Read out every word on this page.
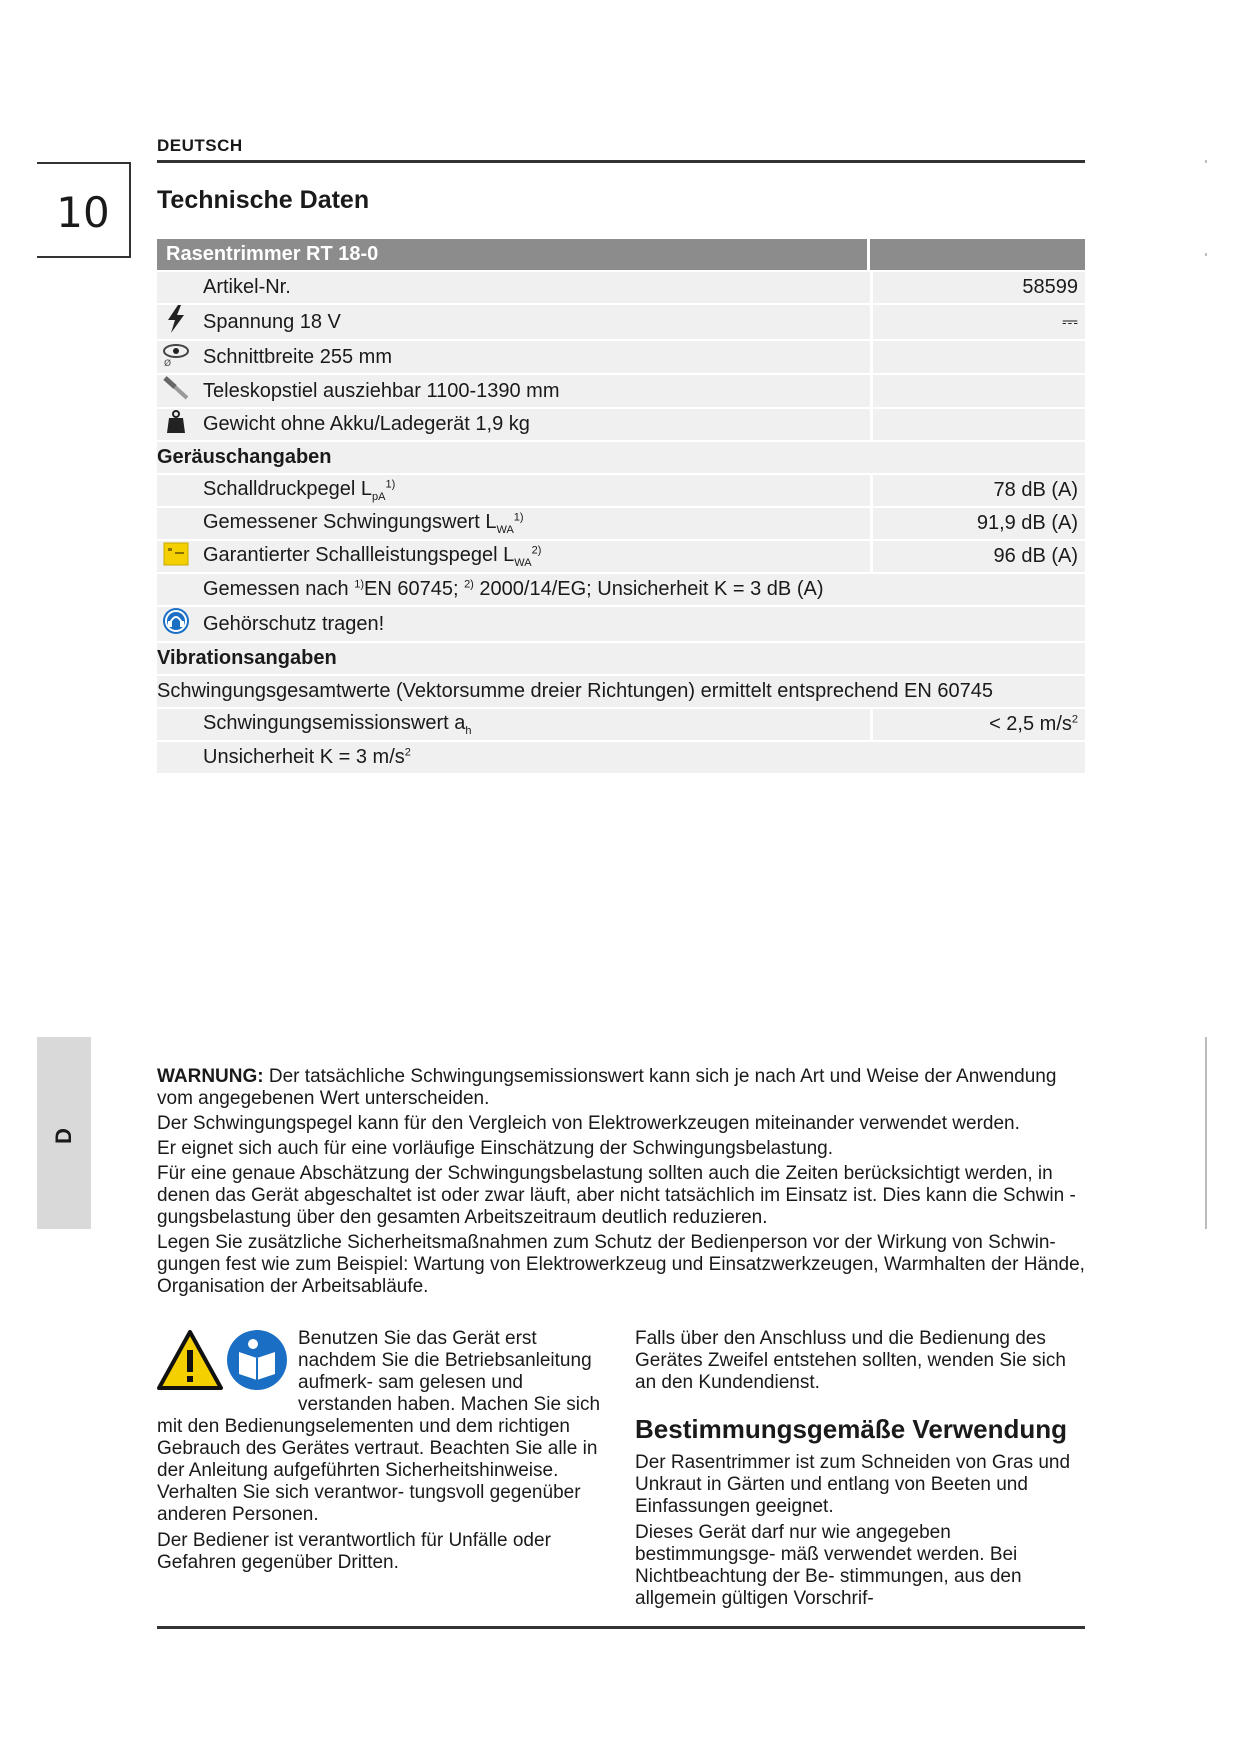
DEUTSCH
10	Technische Daten
Rasentrimmer RT 18-0		
	Artikel-Nr.	58599
	Spannung 18 V	⎓

Ø	Schnittbreite 255 mm	
	Teleskopstiel ausziehbar 1100-1390 mm	
	Gewicht ohne Akku/Ladegerät 1,9 kg	
Geräuschangaben		
	Schalldruckpegel $L_{pA}^{1)}$	78 dB (A)
	Gemessener Schwingungswert $L_{WA}^{1)}$	91,9 dB (A)
	Garantierter Schallleistungspegel $L_{WA}^{2)}$	96 dB (A)
	Gemessen nach $^{1)}$EN 60745; $^{2)}$ 2000/14/EG; Unsicherheit K = 3 dB (A)	
	Gehörschutz tragen!	
Vibrationsangaben		
Schwingungsgesamtwerte (Vektorsumme dreier Richtungen) ermittelt entsprechend EN 60745		
	Schwingungsemissionswert $a_h$	< 2,5 $m/s^2$
	Unsicherheit K = 3 $m/s^2$
D

WARNUNG: Der tatsächliche Schwingungsemissionswert kann sich je nach Art und Weise der Anwendung vom angegebenen Wert unterscheiden.

Der Schwingungspegel kann für den Vergleich von Elektrowerkzeugen miteinander verwendet werden.

Er eignet sich auch für eine vorläufige Einschätzung der Schwingungsbelastung.

Für eine genaue Abschätzung der Schwingungsbelastung sollten auch die Zeiten berücksichtigt werden, in denen das Gerät abgeschaltet ist oder zwar läuft, aber nicht tatsächlich im Einsatz ist. Dies kann die Schwin - gungsbelastung über den gesamten Arbeitszeitraum deutlich reduzieren.

Legen Sie zusätzliche Sicherheitsmaßnahmen zum Schutz der Bedienperson vor der Wirkung von Schwin- gungen fest wie zum Beispiel: Wartung von Elektrowerkzeug und Einsatzwerkzeugen, Warmhalten der Hände, Organisation der Arbeitsabläufe.

Benutzen Sie das Gerät erst nachdem Sie die Betriebsanleitung aufmerk- sam gelesen und verstanden haben. Machen Sie sich mit den Bedienungselementen und dem richtigen Gebrauch des Gerätes vertraut. Beachten Sie alle in der Anleitung aufgeführten Sicherheitshinweise. Verhalten Sie sich verantwor- tungsvoll gegenüber anderen Personen.

Der Bediener ist verantwortlich für Unfälle oder Gefahren gegenüber Dritten.

Falls über den Anschluss und die Bedienung des Gerätes Zweifel entstehen sollten, wenden Sie sich an den Kundendienst.

Bestimmungsgemäße Verwendung

Der Rasentrimmer ist zum Schneiden von Gras und Unkraut in Gärten und entlang von Beeten und Einfassungen geeignet.

Dieses Gerät darf nur wie angegeben bestimmungsge- mäß verwendet werden. Bei Nichtbeachtung der Be- stimmungen, aus den allgemein gültigen Vorschrif-
